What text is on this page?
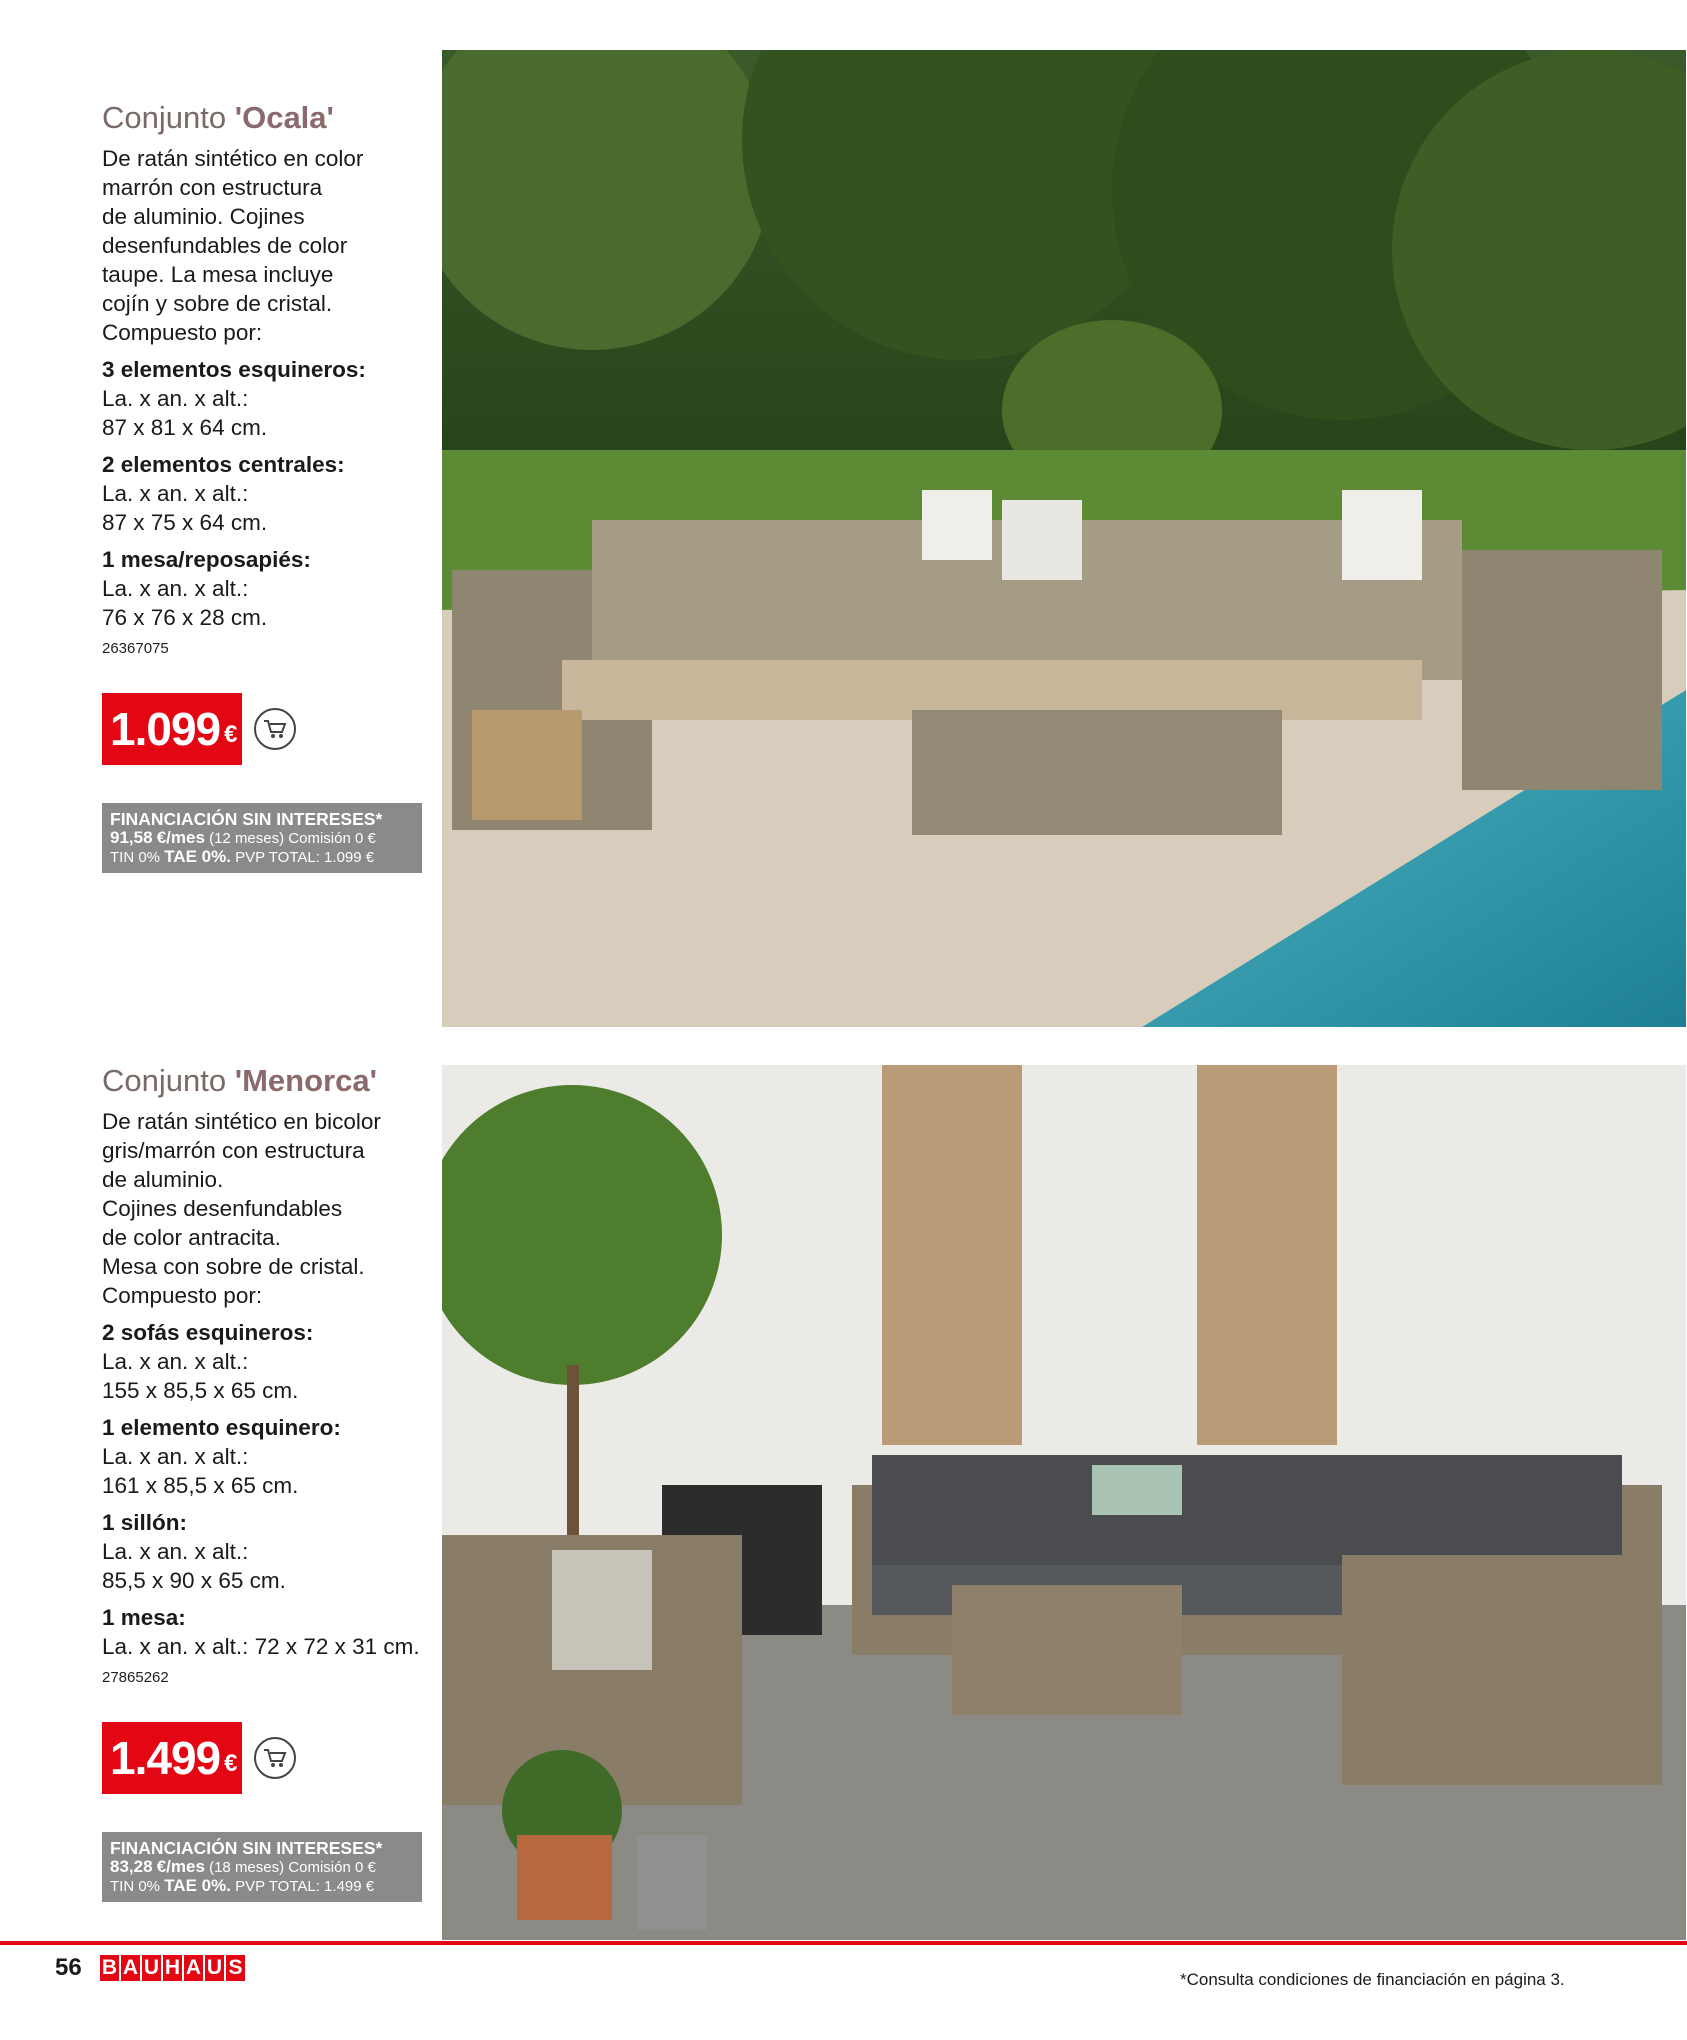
Conjunto 'Ocala'

De ratán sintético en color
marrón con estructura
de aluminio. Cojines
desenfundables de color
taupe. La mesa incluye
cojín y sobre de cristal.
Compuesto por:

3 elementos esquineros:
La. x an. x alt.:
87 x 81 x 64 cm.
2 elementos centrales:
La. x an. x alt.:
87 x 75 x 64 cm.
1 mesa/reposapiés:
La. x an. x alt.:
76 x 76 x 28 cm.
26367075
1.099 €
FINANCIACIÓN SIN INTERESES*
91,58 €/mes (12 meses) Comisión 0 €
TIN 0% TAE 0%. PVP TOTAL: 1.099 €
Conjunto 'Menorca'

De ratán sintético en bicolor
gris/marrón con estructura
de aluminio.
Cojines desenfundables
de color antracita.
Mesa con sobre de cristal.
Compuesto por:

2 sofás esquineros:
La. x an. x alt.:
155 x 85,5 x 65 cm.
1 elemento esquinero:
La. x an. x alt.:
161 x 85,5 x 65 cm.
1 sillón:
La. x an. x alt.:
85,5 x 90 x 65 cm.
1 mesa:
La. x an. x alt.: 72 x 72 x 31 cm.
27865262
1.499 €
FINANCIACIÓN SIN INTERESES*
83,28 €/mes (18 meses) Comisión 0 €
TIN 0% TAE 0%. PVP TOTAL: 1.499 €
56 B A U H A U S
*Consulta condiciones de financiación en página 3.
